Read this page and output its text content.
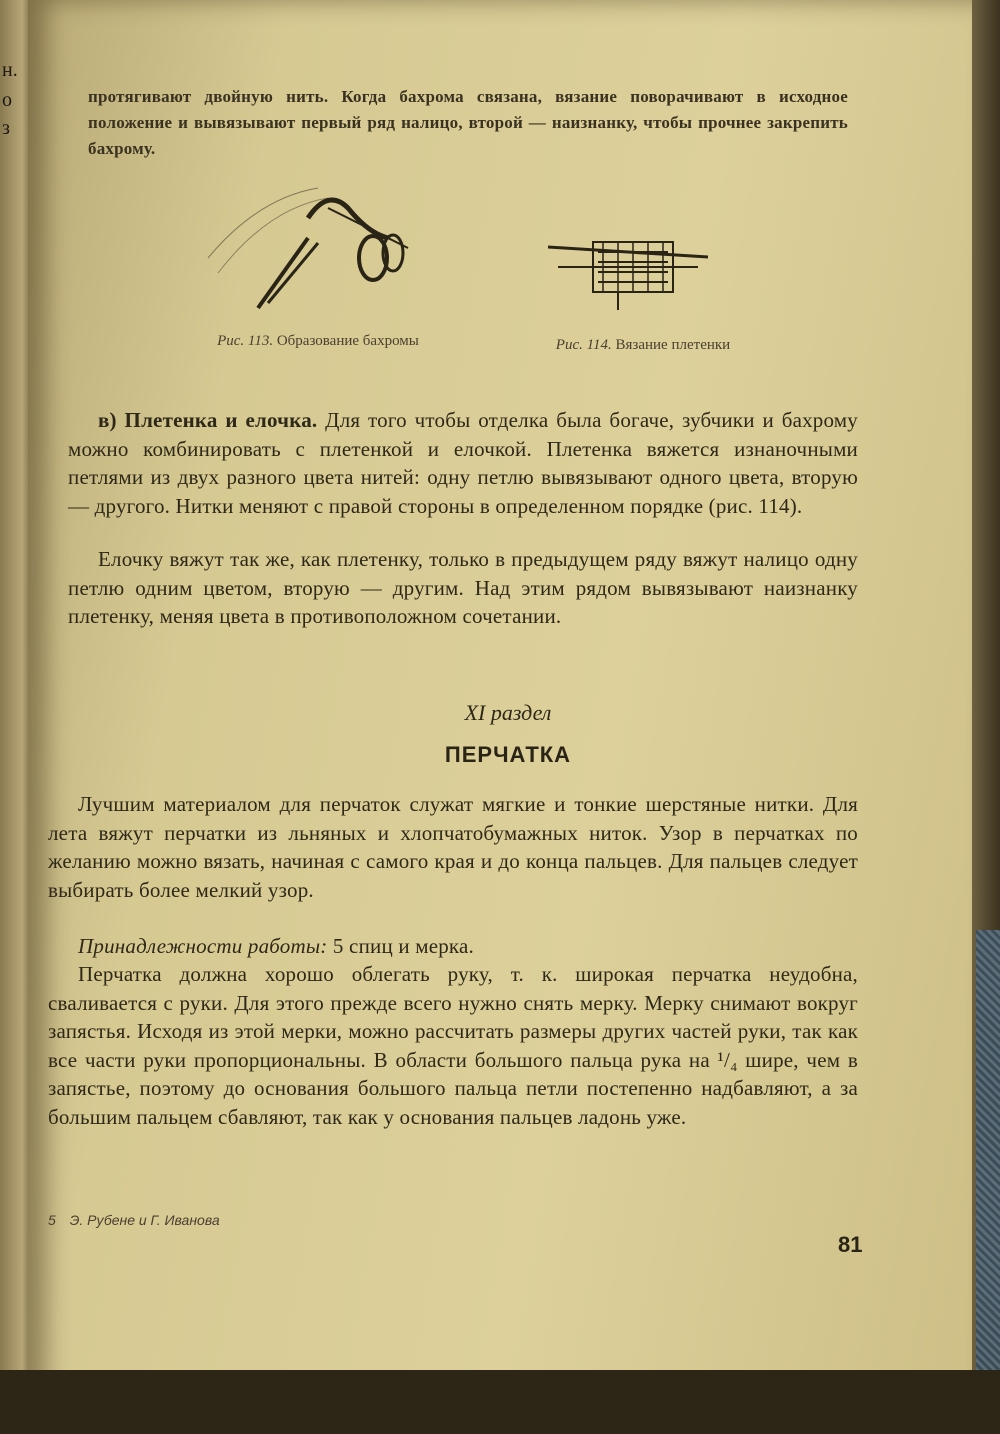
н.
о
з

протягивают двойную нить. Когда бахрома связана, вязание поворачивают в исходное положение и вывязывают первый ряд налицо, второй — наизнанку, чтобы прочнее закрепить бахрому.

Рис. 113. Образование бахромы	Рис. 114. Вязание плетенки

в) Плетенка и елочка. Для того чтобы отделка была богаче, зубчики и бахрому можно комбинировать с плетенкой и елочкой. Плетенка вяжется изнаночными петлями из двух разного цвета нитей: одну петлю вывязывают одного цвета, вторую — другого. Нитки меняют с правой стороны в определенном порядке (рис. 114).

Елочку вяжут так же, как плетенку, только в предыдущем ряду вяжут налицо одну петлю одним цветом, вторую — другим. Над этим рядом вывязывают наизнанку плетенку, меняя цвета в противоположном сочетании.

XI раздел
ПЕРЧАТКА

Лучшим материалом для перчаток служат мягкие и тонкие шерстяные нитки. Для лета вяжут перчатки из льняных и хлопчатобумажных ниток. Узор в перчатках по желанию можно вязать, начиная с самого края и до конца пальцев. Для пальцев следует выбирать более мелкий узор.

Принадлежности работы: 5 спиц и мерка.

Перчатка должна хорошо облегать руку, т. к. широкая перчатка неудобна, сваливается с руки. Для этого прежде всего нужно снять мерку. Мерку снимают вокруг запястья. Исходя из этой мерки, можно рассчитать размеры других частей руки, так как все части руки пропорциональны. В области большого пальца рука на ¹/₄ шире, чем в запястье, поэтому до основания большого пальца петли постепенно надбавляют, а за большим пальцем сбавляют, так как у основания пальцев ладонь уже.

5 Э. Рубене и Г. Иванова
81
